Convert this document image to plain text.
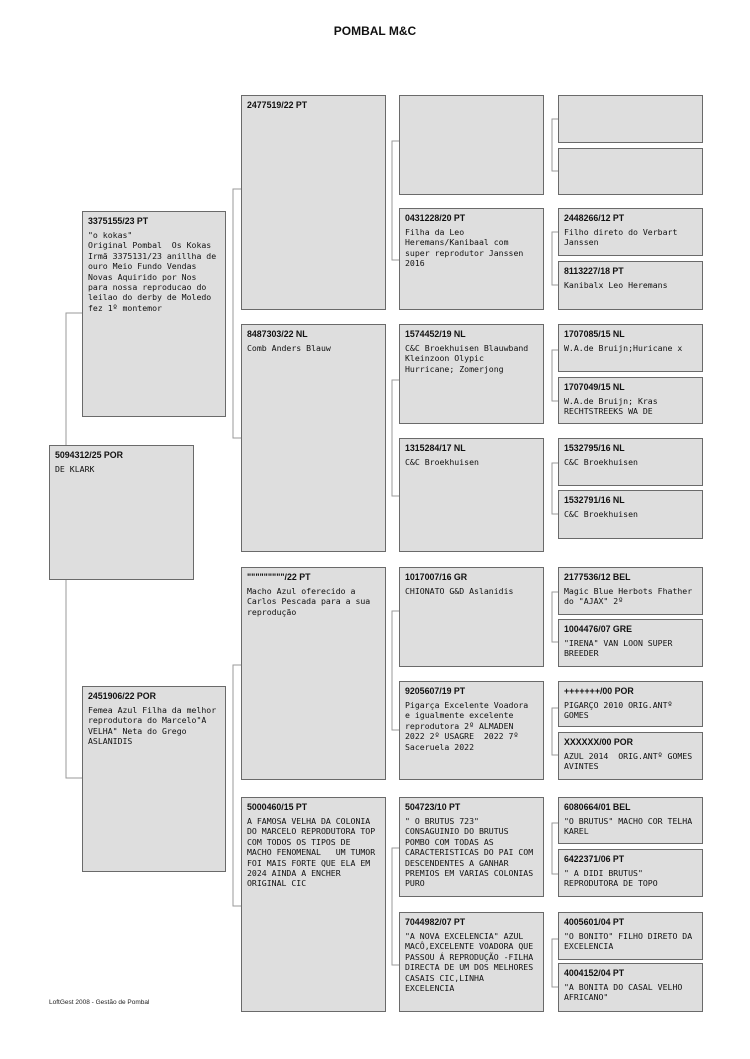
POMBAL M&C
5094312/25 POR
DE KLARK
3375155/23 PT
"o kokas"
Original Pombal  Os Kokas Irmã 3375131/23 anillha de ouro Meio Fundo Vendas Novas Aquirido por Nos para nossa reproducao do leilao do derby de Moledo fez 1º montemor
2451906/22 POR
Femea Azul Filha da melhor reprodutora do Marcelo"A VELHA" Neta do Grego ASLANIDIS
2477519/22 PT
8487303/22 NL
Comb Anders Blauw
"""""""""/22 PT
Macho Azul oferecido a Carlos Pescada para a sua reprodução
5000460/15 PT
A FAMOSA VELHA DA COLONIA DO MARCELO REPRODUTORA TOP COM TODOS OS TIPOS DE MACHO FENOMENAL   UM TUMOR FOI MAIS FORTE QUE ELA EM 2024 AINDA A ENCHER ORIGINAL CIC
0431228/20 PT
Filha da Leo Heremans/Kanibaal com super reprodutor Janssen 2016
1574452/19 NL
C&C Broekhuisen Blauwband Kleinzoon Olypic Hurricane; Zomerjong
1315284/17 NL
C&C Broekhuisen
1017007/16 GR
CHIONATO G&D Aslanidis
9205607/19 PT
Pigarça Excelente Voadora e igualmente excelente reprodutora 2º ALMADEN 2022 2º USAGRE  2022 7º Saceruela 2022
504723/10 PT
" O BRUTUS 723" CONSAGUINIO DO BRUTUS POMBO COM TODAS AS CARACTERISTICAS DO PAI COM DESCENDENTES A GANHAR PREMIOS EM VARIAS COLONIAS PURO
7044982/07 PT
"A NOVA EXCELENCIA" AZUL MACÔ,EXCELENTE VOADORA QUE PASSOU Á REPRODUÇÃO -FILHA DIRECTA DE UM DOS MELHORES CASAIS CIC,LINHA EXCELENCIA
2448266/12 PT
Filho direto do Verbart Janssen
8113227/18 PT
Kanibalx Leo Heremans
1707085/15 NL
W.A.de Bruijn;Huricane x
1707049/15 NL
W.A.de Bruijn; Kras RECHTSTREEKS WA DE
1532795/16 NL
C&C Broekhuisen
1532791/16 NL
C&C Broekhuisen
2177536/12 BEL
Magic Blue Herbots Fhather do "AJAX" 2º
1004476/07 GRE
"IRENA" VAN LOON SUPER BREEDER
+++++++/00 POR
PIGARÇO 2010 ORIG.ANTº  GOMES
XXXXXX/00 POR
AZUL 2014  ORIG.ANTº GOMES AVINTES
6080664/01 BEL
"O BRUTUS" MACHO COR TELHA KAREL
6422371/06 PT
" A DIDI BRUTUS" REPRODUTORA DE TOPO
4005601/04 PT
"O BONITO" FILHO DIRETO DA EXCELENCIA
4004152/04 PT
"A BONITA DO CASAL VELHO AFRICANO"
LoftGest 2008 - Gestão de Pombal
